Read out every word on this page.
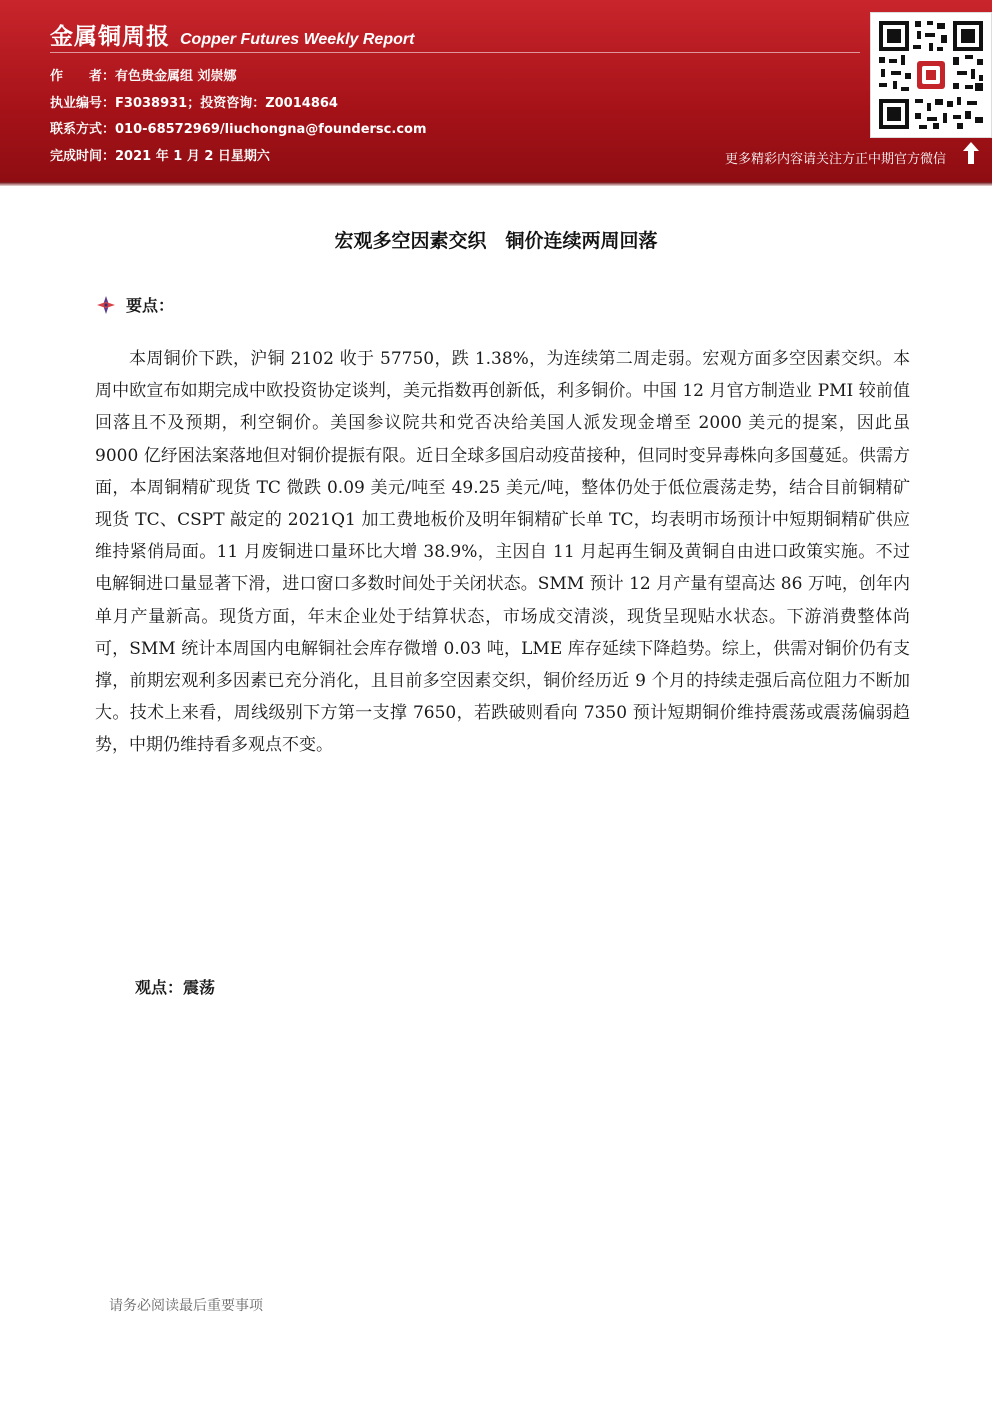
金属铜周报 Copper Futures Weekly Report
作　　者：有色贵金属组 刘崇娜
执业编号：F3038931；投资咨询：Z0014864
联系方式：010-68572969/liuchongna@foundersc.com
完成时间：2021 年 1 月 2 日星期六	更多精彩内容请关注方正中期官方微信
宏观多空因素交织　铜价连续两周回落
要点：

本周铜价下跌，沪铜 2102 收于 57750，跌 1.38%，为连续第二周走弱。宏观方面多空因素交织。本周中欧宣布如期完成中欧投资协定谈判，美元指数再创新低，利多铜价。中国 12 月官方制造业 PMI 较前值回落且不及预期，利空铜价。美国参议院共和党否决给美国人派发现金增至 2000 美元的提案，因此虽 9000 亿纾困法案落地但对铜价提振有限。近日全球多国启动疫苗接种，但同时变异毒株向多国蔓延。供需方面，本周铜精矿现货 TC 微跌 0.09 美元/吨至 49.25 美元/吨，整体仍处于低位震荡走势，结合目前铜精矿现货 TC、CSPT 敲定的 2021Q1 加工费地板价及明年铜精矿长单 TC，均表明市场预计中短期铜精矿供应维持紧俏局面。11 月废铜进口量环比大增 38.9%，主因自 11 月起再生铜及黄铜自由进口政策实施。不过电解铜进口量显著下滑，进口窗口多数时间处于关闭状态。SMM 预计 12 月产量有望高达 86 万吨，创年内单月产量新高。现货方面，年末企业处于结算状态，市场成交清淡，现货呈现贴水状态。下游消费整体尚可，SMM 统计本周国内电解铜社会库存微增 0.03 吨，LME 库存延续下降趋势。综上，供需对铜价仍有支撑，前期宏观利多因素已充分消化，且目前多空因素交织，铜价经历近 9 个月的持续走强后高位阻力不断加大。技术上来看，周线级别下方第一支撑 7650，若跌破则看向 7350 预计短期铜价维持震荡或震荡偏弱趋势，中期仍维持看多观点不变。

观点：震荡
请务必阅读最后重要事项
